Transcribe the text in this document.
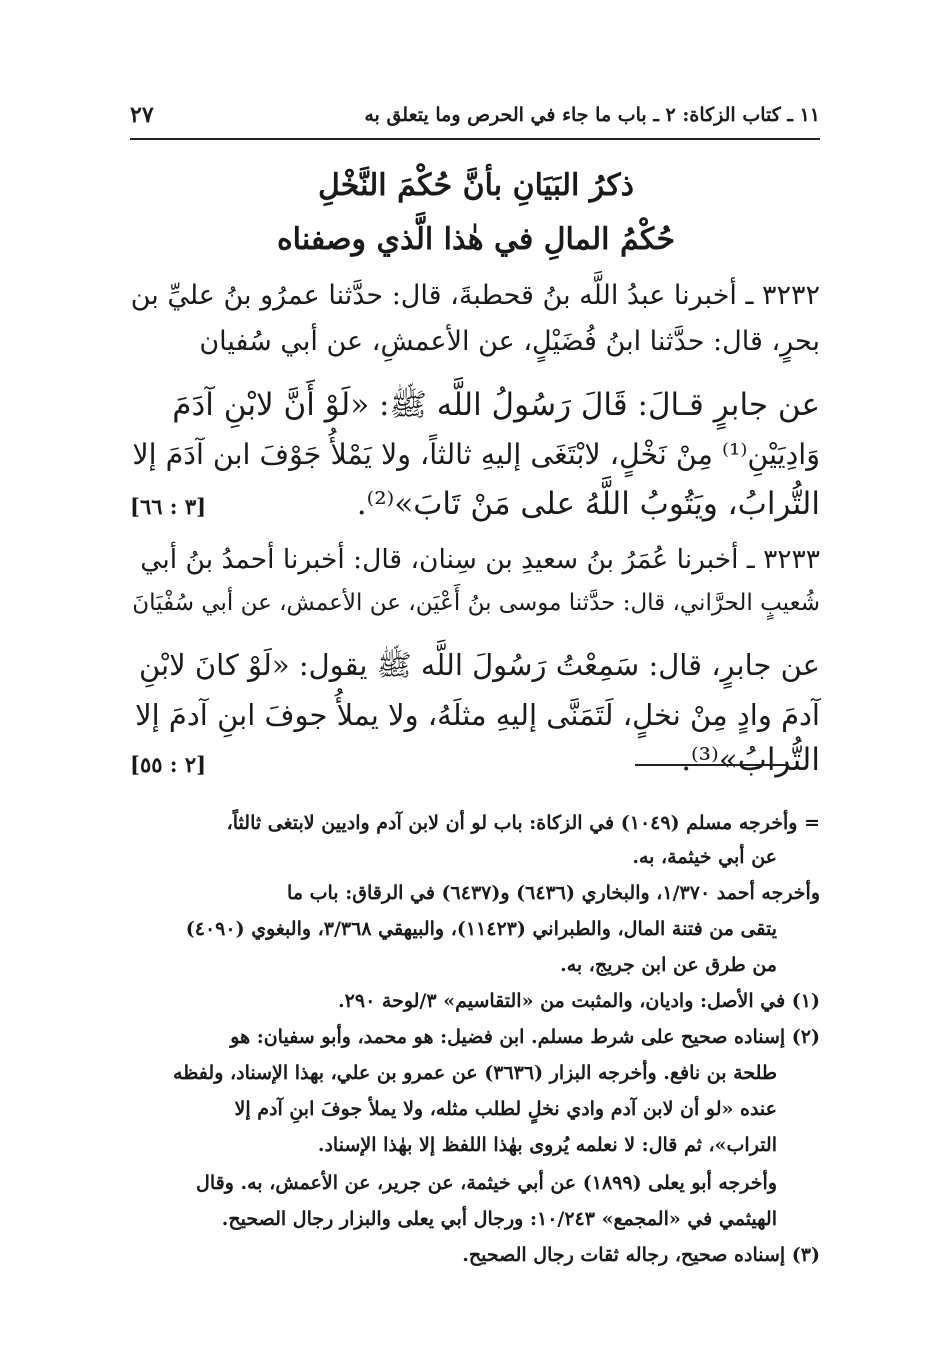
١١ ـ كتاب الزكاة: ٢ ـ باب ما جاء في الحرص وما يتعلق به
٢٧
ذكرُ البَيَانِ بأنَّ حُكْمَ النَّخْلِ
حُكْمُ المالِ في هٰذا الَّذي وصفناه
٣٢٣٢ ـ أخبرنا عبدُ اللَّه بنُ قحطبةَ، قال: حدَّثنا عمرُو بنُ عليِّ بن
بحرٍ، قال: حدَّثنا ابنُ فُضَيْلٍ، عن الأعمشِ، عن أبي سُفيان
عن جابرٍ قـالَ: قَالَ رَسُولُ اللَّه ﷺ: «لَوْ أَنَّ لابْنِ آدَمَ
وَادِيَيْنِ⁽¹⁾ مِنْ نَخْلٍ، لابْتَغَى إليهِ ثالثاً، ولا يَمْلأُ جَوْفَ ابن آدَمَ إلا
التُّرابُ، ويَتُوبُ اللَّهُ على مَنْ تَابَ»⁽²⁾.
[٣ : ٦٦]
٣٢٣٣ ـ أخبرنا عُمَرُ بنُ سعيدِ بن سِنان، قال: أخبرنا أحمدُ بنُ أبي
شُعيبٍ الحرَّاني، قال: حدَّثنا موسى بنُ أَعْيَن، عن الأعمش، عن أبي سُفْيَانَ
عن جابرٍ، قال: سَمِعْتُ رَسُولَ اللَّه ﷺ يقول: «لَوْ كانَ لابْنِ
آدمَ وادٍ مِنْ نخلٍ، لَتَمَنَّى إليهِ مثلَهُ، ولا يملأُ جوفَ ابنِ آدمَ إلا
التُّرابُ»⁽³⁾.
[٢ : ٥٥]
= وأخرجه مسلم (١٠٤٩) في الزكاة: باب لو أن لابن آدم واديين لابتغى ثالثاً،
عن أبي خيثمة، به.
وأخرجه أحمد ١/٣٧٠، والبخاري (٦٤٣٦) و(٦٤٣٧) في الرقاق: باب ما
يتقى من فتنة المال، والطبراني (١١٤٢٣)، والبيهقي ٣/٣٦٨، والبغوي (٤٠٩٠)
من طرق عن ابن جريج، به.
(١) في الأصل: واديان، والمثبت من «التقاسيم» ٣/لوحة ٢٩٠.
(٢) إسناده صحيح على شرط مسلم. ابن فضيل: هو محمد، وأبو سفيان: هو
طلحة بن نافع. وأخرجه البزار (٣٦٣٦) عن عمرو بن علي، بهذا الإسناد، ولفظه
عنده «لو أن لابن آدم وادي نخلٍ لطلب مثله، ولا يملأ جوفَ ابنِ آدم إلا
التراب»، ثم قال: لا نعلمه يُروى بهٰذا اللفظ إلا بهٰذا الإسناد.
وأخرجه أبو يعلى (١٨٩٩) عن أبي خيثمة، عن جرير، عن الأعمش، به. وقال
الهيثمي في «المجمع» ١٠/٢٤٣: ورجال أبي يعلى والبزار رجال الصحيح.
(٣) إسناده صحيح، رجاله ثقات رجال الصحيح.
